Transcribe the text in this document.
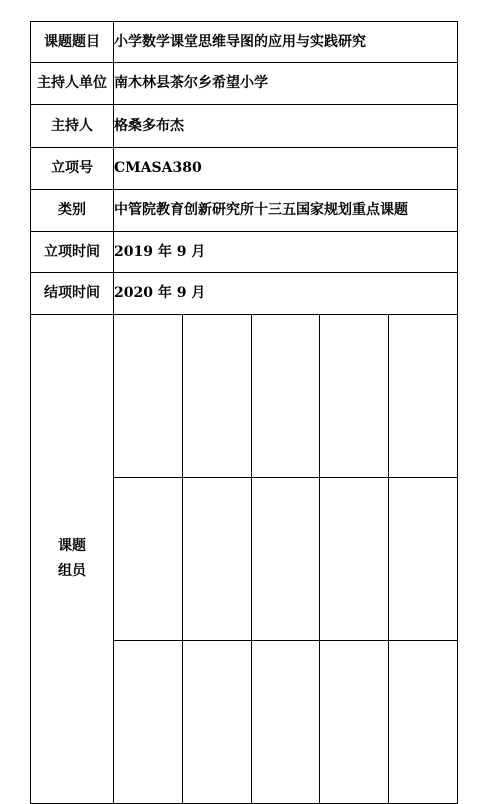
课题题目	小学数学课堂思维导图的应用与实践研究
主持人单位	南木林县茶尔乡希望小学
主持人	格桑多布杰
立项号	CMASA380
类别	中管院教育创新研究所十三五国家规划重点课题
立项时间	2019 年 9 月
结项时间	2020 年 9 月

课题
组员
